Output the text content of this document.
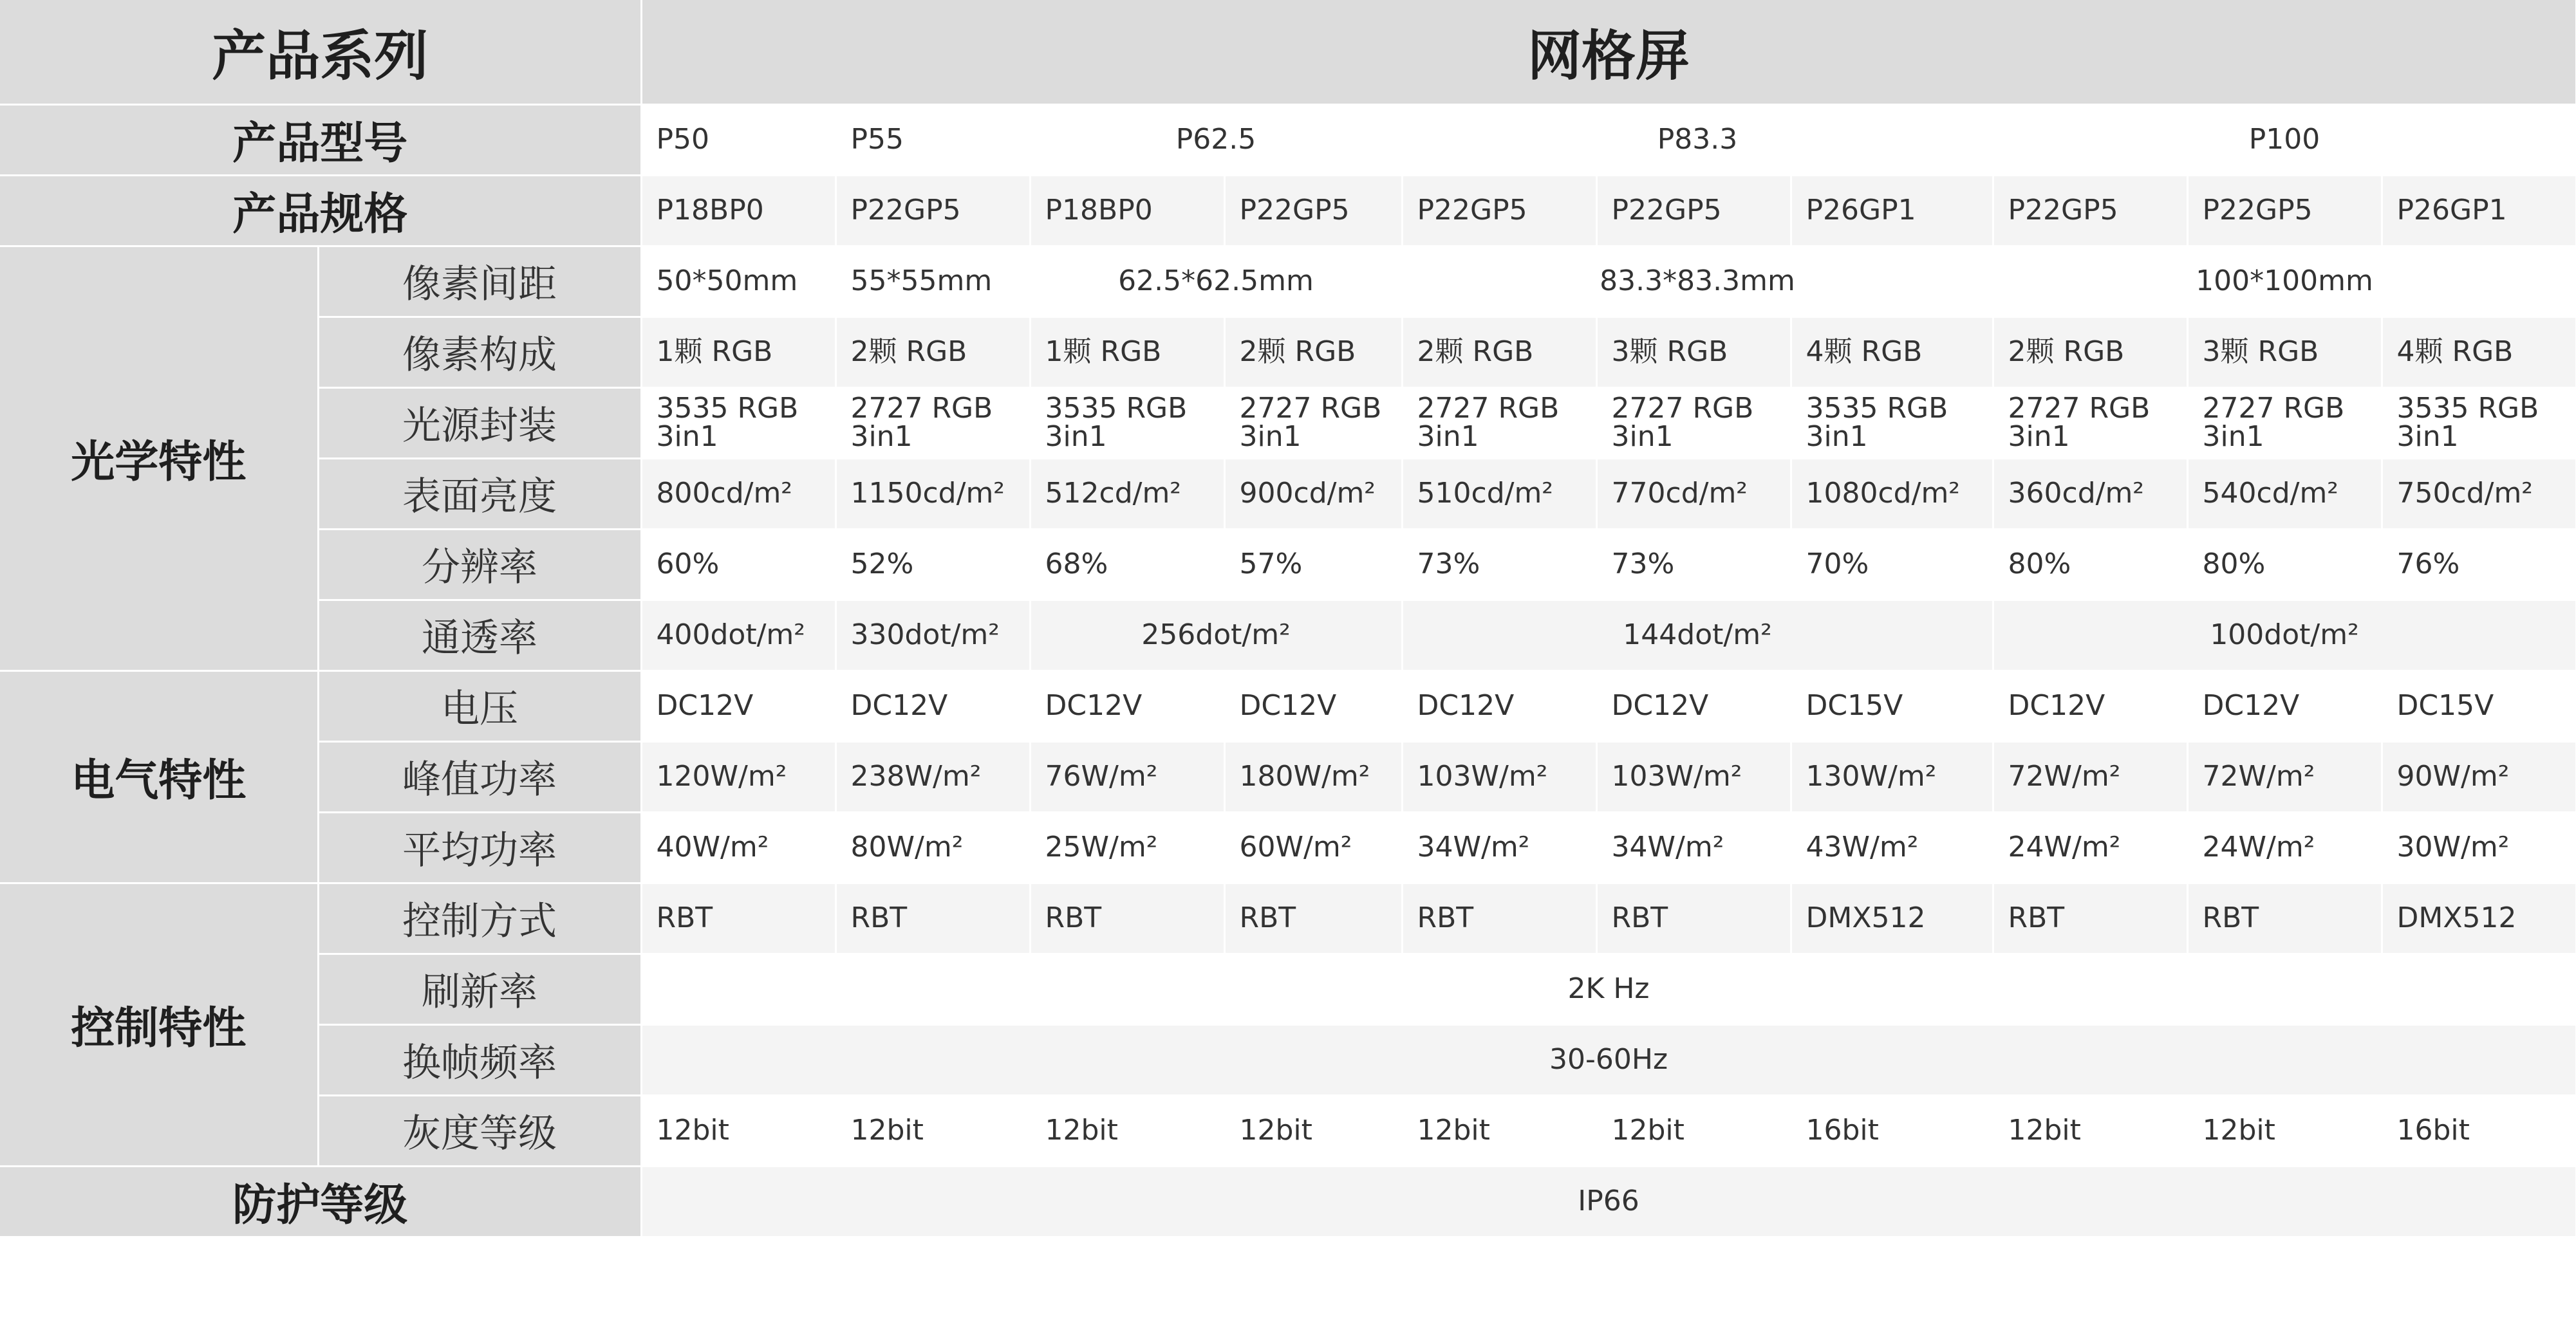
产品系列		网格屏									
产品型号		P50	P55	P62.5		P83.3			P100		
产品规格		P18BP0	P22GP5	P18BP0	P22GP5	P22GP5	P22GP5	P26GP1	P22GP5	P22GP5	P26GP1
光学特性	像素间距	50*50mm	55*55mm	62.5*62.5mm		83.3*83.3mm			100*100mm		
	像素构成	1颗 RGB	2颗 RGB	1颗 RGB	2颗 RGB	2颗 RGB	3颗 RGB	4颗 RGB	2颗 RGB	3颗 RGB	4颗 RGB
	光源封装	3535 RGB 3in1	2727 RGB 3in1	3535 RGB 3in1	2727 RGB 3in1	2727 RGB 3in1	2727 RGB 3in1	3535 RGB 3in1	2727 RGB 3in1	2727 RGB 3in1	3535 RGB 3in1
	表面亮度	800cd/m²	1150cd/m²	512cd/m²	900cd/m²	510cd/m²	770cd/m²	1080cd/m²	360cd/m²	540cd/m²	750cd/m²
	分辨率	60%	52%	68%	57%	73%	73%	70%	80%	80%	76%
	通透率	400dot/m²	330dot/m²	256dot/m²		144dot/m²			100dot/m²		
电气特性	电压	DC12V	DC12V	DC12V	DC12V	DC12V	DC12V	DC15V	DC12V	DC12V	DC15V
	峰值功率	120W/m²	238W/m²	76W/m²	180W/m²	103W/m²	103W/m²	130W/m²	72W/m²	72W/m²	90W/m²
	平均功率	40W/m²	80W/m²	25W/m²	60W/m²	34W/m²	34W/m²	43W/m²	24W/m²	24W/m²	30W/m²
控制特性	控制方式	RBT	RBT	RBT	RBT	RBT	RBT	DMX512	RBT	RBT	DMX512
	刷新率	2K Hz									
	换帧频率	30-60Hz									
	灰度等级	12bit	12bit	12bit	12bit	12bit	12bit	16bit	12bit	12bit	16bit
防护等级		IP66									
